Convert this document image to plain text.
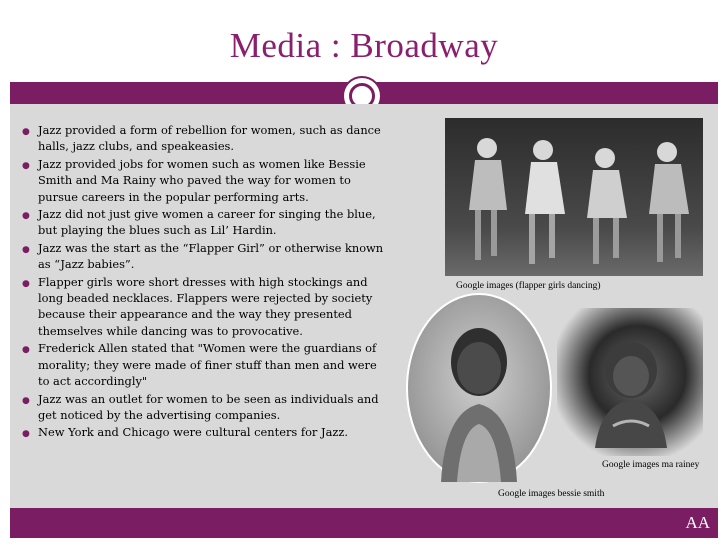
Media : Broadway
● Jazz provided a form of rebellion for women, such as dance halls, jazz clubs, and speakeasies.
● Jazz provided jobs for women such as women like Bessie Smith and Ma Rainy who paved the way for women to pursue careers in the popular performing arts.
● Jazz did not just give women a career for singing the blue, but playing the blues such as Lil’ Hardin.
● Jazz was the start as the “Flapper Girl” or otherwise known as “Jazz babies”.
● Flapper girls wore short dresses with high stockings and long beaded necklaces. Flappers were rejected by society because their appearance and the way they presented themselves while dancing was to provocative.
● Frederick Allen stated that "Women were the guardians of morality; they were made of finer stuff than men and were to act accordingly"
● Jazz was an outlet for women to be seen as individuals and get noticed by the advertising companies.
● New York and Chicago were cultural centers for Jazz.
Google images (flapper girls dancing)
Google images bessie smith
Google images ma rainey
AA
